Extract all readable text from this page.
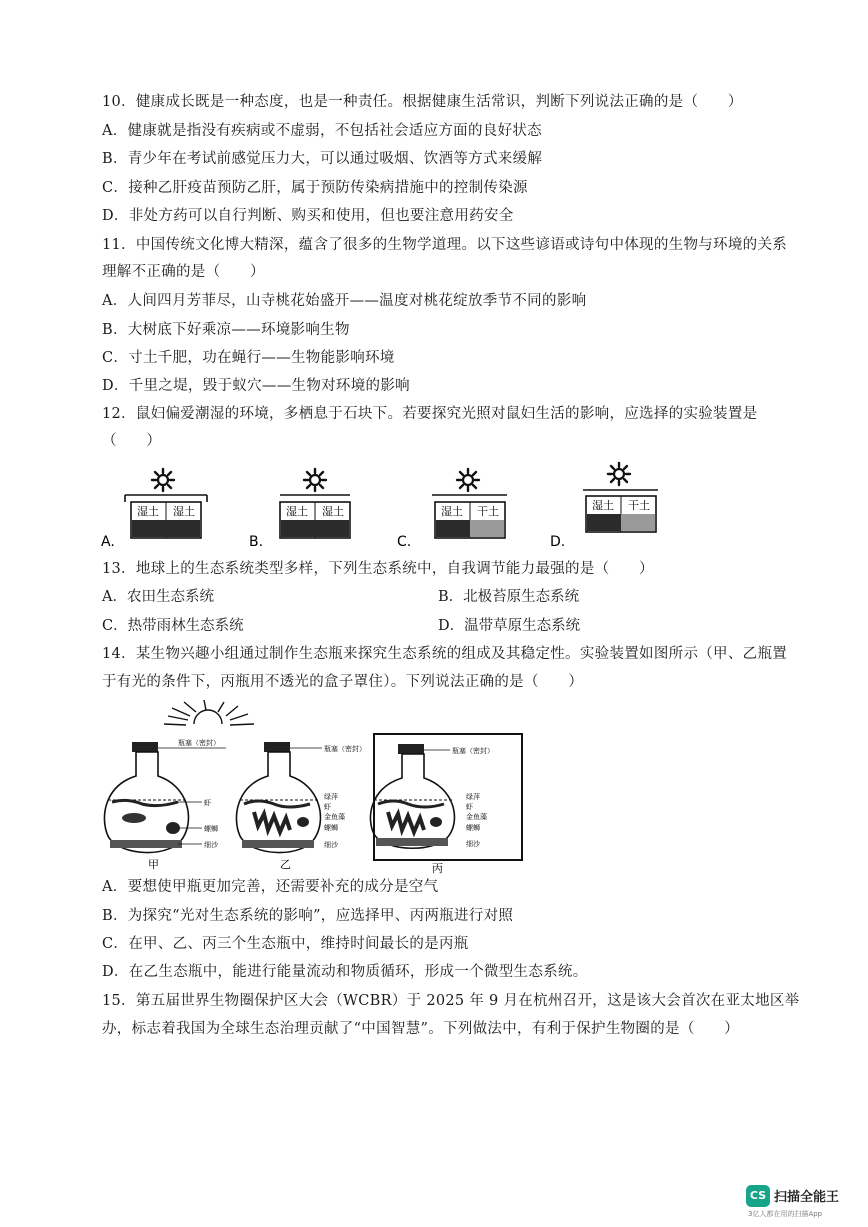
10．健康成长既是一种态度，也是一种责任。根据健康生活常识，判断下列说法正确的是（　　）
A．健康就是指没有疾病或不虚弱，不包括社会适应方面的良好状态
B．青少年在考试前感觉压力大，可以通过吸烟、饮酒等方式来缓解
C．接种乙肝疫苗预防乙肝，属于预防传染病措施中的控制传染源
D．非处方药可以自行判断、购买和使用，但也要注意用药安全
11．中国传统文化博大精深，蕴含了很多的生物学道理。以下这些谚语或诗句中体现的生物与环境的关系
理解不正确的是（　　）
A．人间四月芳菲尽，山寺桃花始盛开——温度对桃花绽放季节不同的影响
B．大树底下好乘凉——环境影响生物
C．寸土千肥，功在蝇行——生物能影响环境
D．千里之堤，毁于蚁穴——生物对环境的影响
12．鼠妇偏爱潮湿的环境，多栖息于石块下。若要探究光照对鼠妇生活的影响，应选择的实验装置是
（　　）
湿土 湿土
A.
湿土 湿土
B.
湿土 干土
C.
湿土 干土
D.
13．地球上的生态系统类型多样，下列生态系统中，自我调节能力最强的是（　　）
A．农田生态系统	B．北极苔原生态系统
C．热带雨林生态系统	D．温带草原生态系统
14．某生物兴趣小组通过制作生态瓶来探究生态系统的组成及其稳定性。实验装置如图所示（甲、乙瓶置
于有光的条件下，丙瓶用不透光的盒子罩住）。下列说法正确的是（　　）
瓶塞（密封）
虾
螺蛳
细沙
甲
瓶塞（密封）
绿萍
虾
金鱼藻
螺蛳
细沙
乙
瓶塞（密封）
绿萍
虾
金鱼藻
螺蛳
细沙
丙
A．要想使甲瓶更加完善，还需要补充的成分是空气
B．为探究“光对生态系统的影响”，应选择甲、丙两瓶进行对照
C．在甲、乙、丙三个生态瓶中，维持时间最长的是丙瓶
D．在乙生态瓶中，能进行能量流动和物质循环，形成一个微型生态系统。
15．第五届世界生物圈保护区大会（WCBR）于 2025 年 9 月在杭州召开，这是该大会首次在亚太地区举
办，标志着我国为全球生态治理贡献了“中国智慧”。下列做法中，有利于保护生物圈的是（　　）
CS 扫描全能王
3亿人都在用的扫描App
